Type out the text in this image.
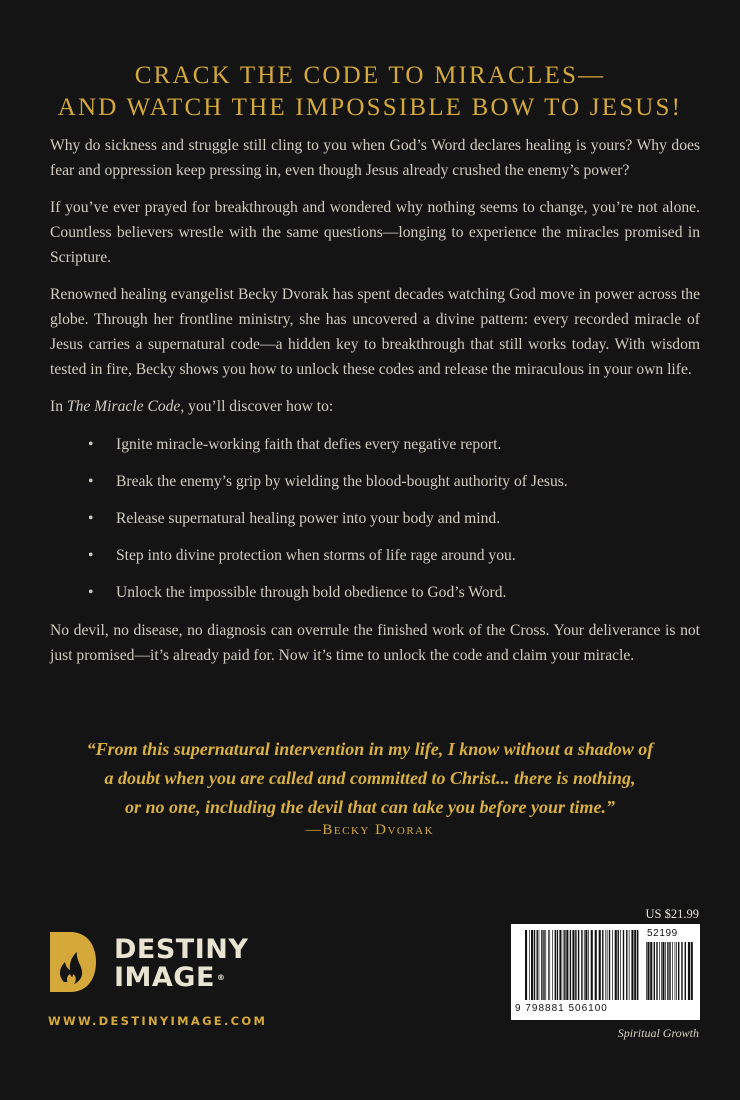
CRACK THE CODE TO MIRACLES—
AND WATCH THE IMPOSSIBLE BOW TO JESUS!

Why do sickness and struggle still cling to you when God’s Word declares healing is yours? Why does fear and oppression keep pressing in, even though Jesus already crushed the enemy’s power?

If you’ve ever prayed for breakthrough and wondered why nothing seems to change, you’re not alone. Countless believers wrestle with the same questions—longing to experience the miracles promised in Scripture.

Renowned healing evangelist Becky Dvorak has spent decades watching God move in power across the globe. Through her frontline ministry, she has uncovered a divine pattern: every recorded miracle of Jesus carries a supernatural code—a hidden key to breakthrough that still works today. With wisdom tested in fire, Becky shows you how to unlock these codes and release the miraculous in your own life.

In The Miracle Code, you’ll discover how to:

• Ignite miracle-working faith that defies every negative report.
• Break the enemy’s grip by wielding the blood-bought authority of Jesus.
• Release supernatural healing power into your body and mind.
• Step into divine protection when storms of life rage around you.
• Unlock the impossible through bold obedience to God’s Word.

No devil, no disease, no diagnosis can overrule the finished work of the Cross. Your deliverance is not just promised—it’s already paid for. Now it’s time to unlock the code and claim your miracle.

“From this supernatural intervention in my life, I know without a shadow of
a doubt when you are called and committed to Christ... there is nothing,
or no one, including the devil that can take you before your time.”
—Becky Dvorak
DESTINY
IMAGE ®
WWW.DESTINYIMAGE.COM
US $21.99
52199
9 798881 506100
Spiritual Growth
